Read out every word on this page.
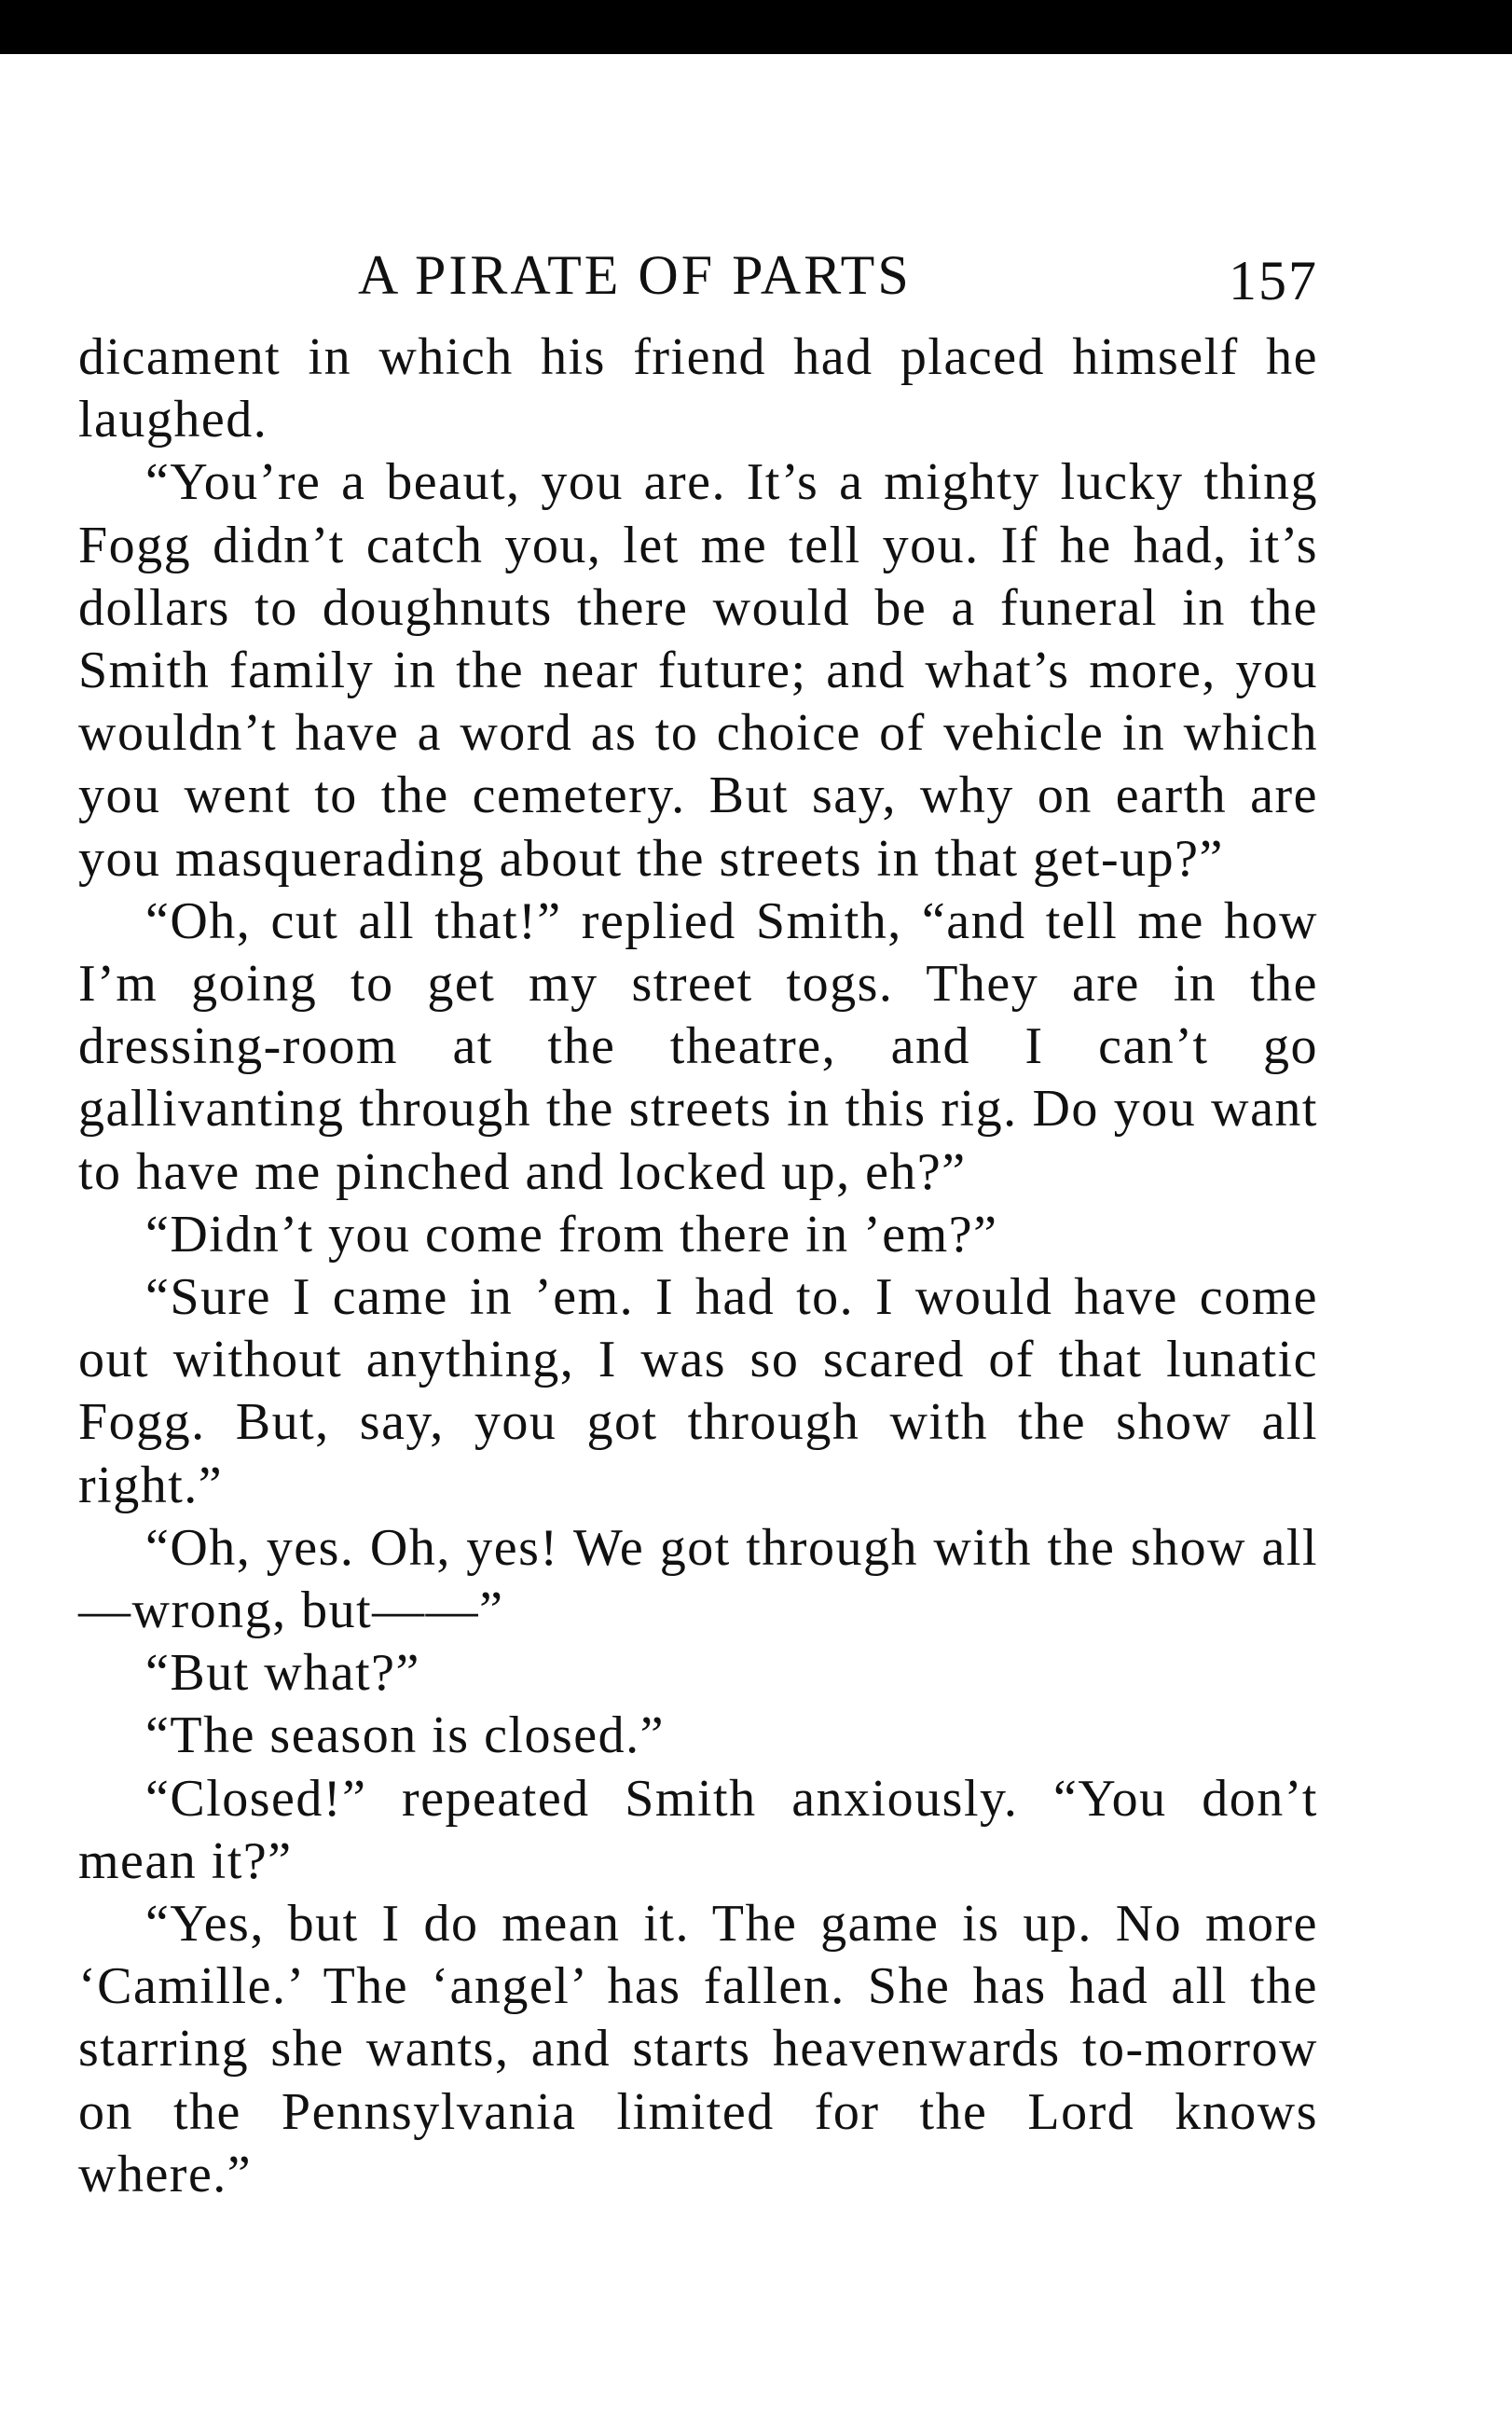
A PIRATE OF PARTS	157

dicament in which his friend had placed himself he laughed.

“You’re a beaut, you are. It’s a mighty lucky thing Fogg didn’t catch you, let me tell you. If he had, it’s dollars to doughnuts there would be a funeral in the Smith family in the near future; and what’s more, you wouldn’t have a word as to choice of vehicle in which you went to the cemetery. But say, why on earth are you masquerading about the streets in that get-up?”

“Oh, cut all that!” replied Smith, “and tell me how I’m going to get my street togs. They are in the dressing-room at the theatre, and I can’t go gallivanting through the streets in this rig. Do you want to have me pinched and locked up, eh?”

“Didn’t you come from there in ’em?”

“Sure I came in ’em. I had to. I would have come out without anything, I was so scared of that lunatic Fogg. But, say, you got through with the show all right.”

“Oh, yes. Oh, yes! We got through with the show all—wrong, but——”

“But what?”

“The season is closed.”

“Closed!” repeated Smith anxiously. “You don’t mean it?”

“Yes, but I do mean it. The game is up. No more ‘Camille.’ The ‘angel’ has fallen. She has had all the starring she wants, and starts heavenwards to-morrow on the Pennsylvania limited for the Lord knows where.”
